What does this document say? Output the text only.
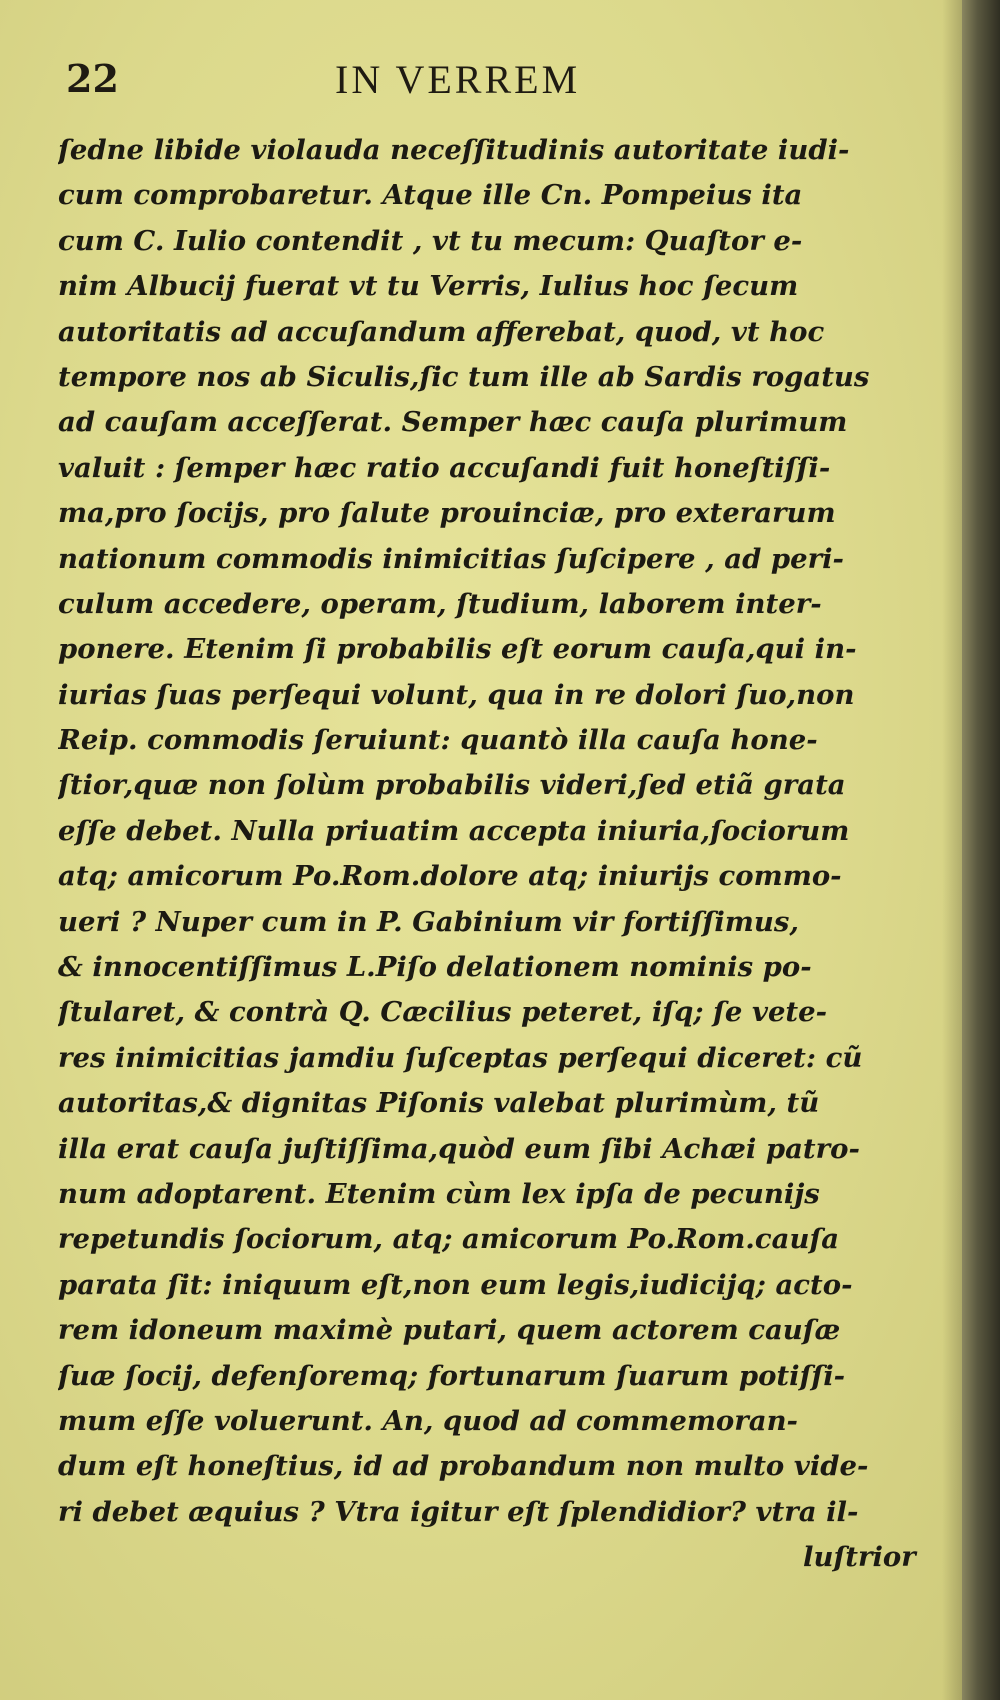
22	IN VERREM
ſedne libide violauda neceſſitudinis autoritate iudi-
cum comprobaretur. Atque ille Cn. Pompeius ita
cum C. Iulio contendit , vt tu mecum: Quaſtor e-
nim Albucij fuerat vt tu Verris, Iulius hoc ſecum
autoritatis ad accuſandum afferebat, quod, vt hoc
tempore nos ab Siculis,ſic tum ille ab Sardis rogatus
ad cauſam acceſſerat. Semper hæc cauſa plurimum
valuit : ſemper hæc ratio accuſandi fuit honeſtiſſi-
ma,pro ſocijs, pro ſalute prouinciæ, pro exterarum
nationum commodis inimicitias ſuſcipere , ad peri-
culum accedere, operam, ſtudium, laborem inter-
ponere. Etenim ſi probabilis eſt eorum cauſa,qui in-
iurias ſuas perſequi volunt, qua in re dolori ſuo,non
Reip. commodis ſeruiunt: quantò illa cauſa hone-
ſtior,quæ non ſolùm probabilis videri,ſed etiã grata
eſſe debet. Nulla priuatim accepta iniuria,ſociorum
atq; amicorum Po.Rom.dolore atq; iniurijs commo-
ueri ? Nuper cum in P. Gabinium vir fortiſſimus,
& innocentiſſimus L.Piſo delationem nominis po-
ſtularet, & contrà Q. Cæcilius peteret, iſq; ſe vete-
res inimicitias jamdiu ſuſceptas perſequi diceret: cũ
autoritas,& dignitas Piſonis valebat plurimùm, tũ
illa erat cauſa juſtiſſima,quòd eum ſibi Achæi patro-
num adoptarent. Etenim cùm lex ipſa de pecunijs
repetundis ſociorum, atq; amicorum Po.Rom.cauſa
parata ſit: iniquum eſt,non eum legis,iudicijq; acto-
rem idoneum maximè putari, quem actorem cauſæ
ſuæ ſocij, defenſoremq; fortunarum ſuarum potiſſi-
mum eſſe voluerunt. An, quod ad commemoran-
dum eſt honeſtius, id ad probandum non multo vide-
ri debet æquius ? Vtra igitur eſt ſplendidior? vtra il-
luſtrior
